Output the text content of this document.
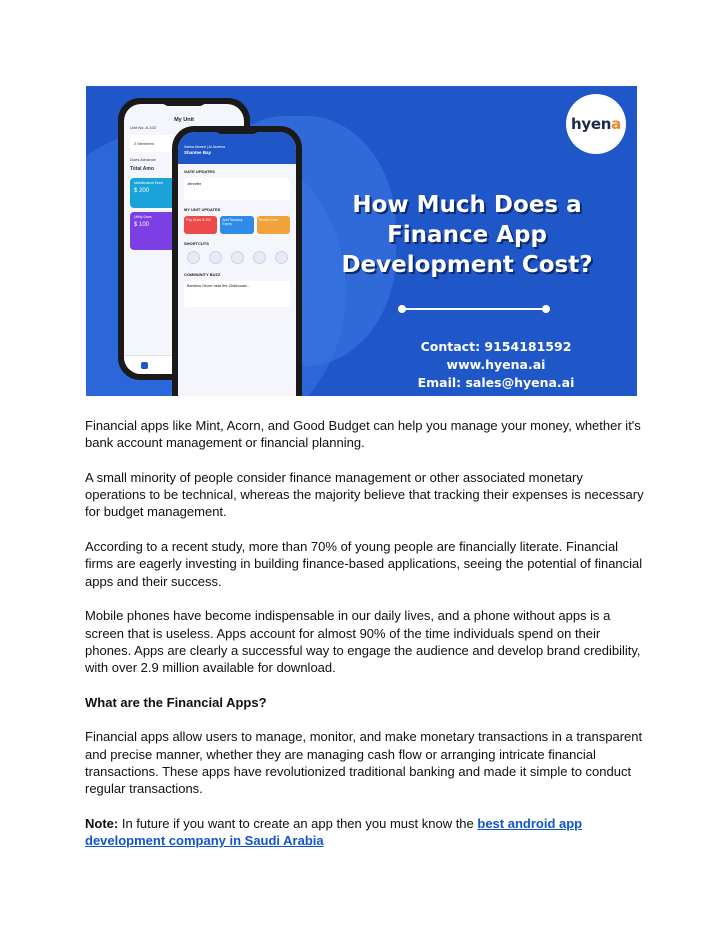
My Unit
Unit No: A-103
2 Members
Dues Advance
Total Amo
Maintenance Dues
$ 200
Utility Dues
$ 100
Salma Ahmed | Al Jazeera
Shantee Bay
GATE UPDATES
Jennifer
MY UNIT UPDATES
Pay Dues $ 200	Add Tenancy Expiry
Tenant Chec
SHORTCUTS
COMMUNITY BUZZ
Bamboo Grove near the Clubhouse...
hyena
How Much Does a
Finance App
Development Cost?
Contact: 9154181592
www.hyena.ai
Email: sales@hyena.ai

Financial apps like Mint, Acorn, and Good Budget can help you manage your money, whether it's bank account management or financial planning.

A small minority of people consider finance management or other associated monetary operations to be technical, whereas the majority believe that tracking their expenses is necessary for budget management.

According to a recent study, more than 70% of young people are financially literate. Financial firms are eagerly investing in building finance-based applications, seeing the potential of financial apps and their success.

Mobile phones have become indispensable in our daily lives, and a phone without apps is a screen that is useless. Apps account for almost 90% of the time individuals spend on their phones. Apps are clearly a successful way to engage the audience and develop brand credibility, with over 2.9 million available for download.

What are the Financial Apps?

Financial apps allow users to manage, monitor, and make monetary transactions in a transparent and precise manner, whether they are managing cash flow or arranging intricate financial transactions. These apps have revolutionized traditional banking and made it simple to conduct regular transactions.

Note: In future if you want to create an app then you must know the best android app development company in Saudi Arabia
